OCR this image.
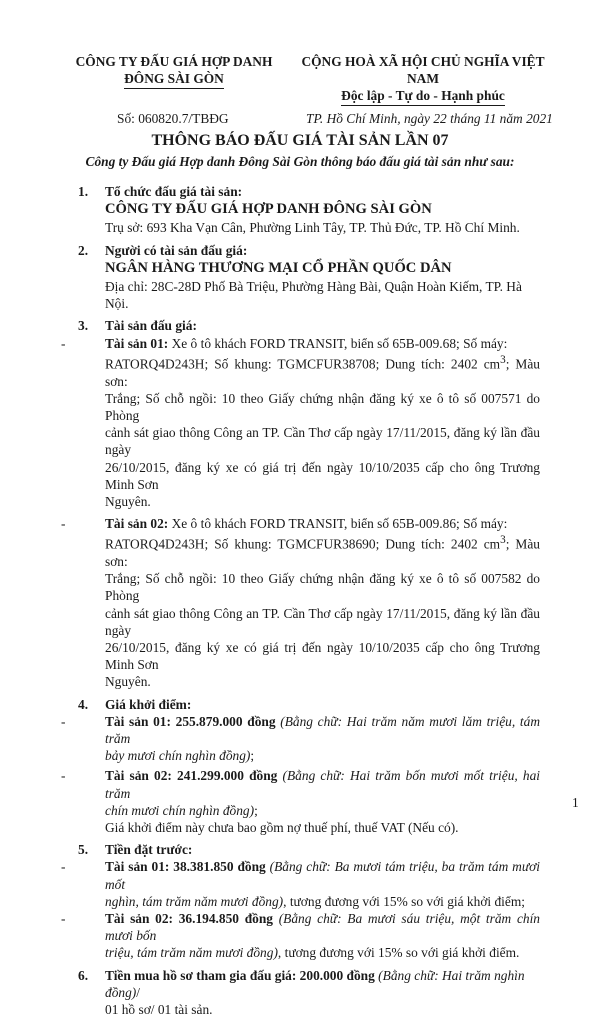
CÔNG TY ĐẤU GIÁ HỢP DANH
ĐÔNG SÀI GÒN
CỘNG HOÀ XÃ HỘI CHỦ NGHĨA VIỆT NAM
Độc lập - Tự do - Hạnh phúc
Số: 060820.7/TBĐG	TP. Hồ Chí Minh, ngày 22 tháng 11 năm 2021
THÔNG BÁO ĐẤU GIÁ TÀI SẢN LẦN 07
Công ty Đấu giá Hợp danh Đông Sài Gòn thông báo đấu giá tài sản như sau:
1. Tổ chức đấu giá tài sản:
CÔNG TY ĐẤU GIÁ HỢP DANH ĐÔNG SÀI GÒN
Trụ sở: 693 Kha Vạn Cân, Phường Linh Tây, TP. Thủ Đức, TP. Hồ Chí Minh.
2. Người có tài sản đấu giá:
NGÂN HÀNG THƯƠNG MẠI CỔ PHẦN QUỐC DÂN
Địa chỉ: 28C-28D Phố Bà Triệu, Phường Hàng Bài, Quận Hoàn Kiếm, TP. Hà Nội.
3. Tài sản đấu giá:
-	Tài sản 01: Xe ô tô khách FORD TRANSIT, biển số 65B-009.68; Số máy:
RATORQ4D243H; Số khung: TGMCFUR38708; Dung tích: 2402 $cm^3$; Màu sơn:
Trắng; Số chỗ ngồi: 10 theo Giấy chứng nhận đăng ký xe ô tô số 007571 do Phòng
cảnh sát giao thông Công an TP. Cần Thơ cấp ngày 17/11/2015, đăng ký lần đầu ngày
26/10/2015, đăng ký xe có giá trị đến ngày 10/10/2035 cấp cho ông Trương Minh Sơn
Nguyên.
-	Tài sản 02: Xe ô tô khách FORD TRANSIT, biển số 65B-009.86; Số máy:
RATORQ4D243H; Số khung: TGMCFUR38690; Dung tích: 2402 $cm^3$; Màu sơn:
Trắng; Số chỗ ngồi: 10 theo Giấy chứng nhận đăng ký xe ô tô số 007582 do Phòng
cảnh sát giao thông Công an TP. Cần Thơ cấp ngày 17/11/2015, đăng ký lần đầu ngày
26/10/2015, đăng ký xe có giá trị đến ngày 10/10/2035 cấp cho ông Trương Minh Sơn
Nguyên.
4. Giá khởi điểm:
-	Tài sản 01: 255.879.000 đồng (Bằng chữ: Hai trăm năm mươi lăm triệu, tám trăm
bảy mươi chín nghìn đồng);
-	Tài sản 02: 241.299.000 đồng (Bằng chữ: Hai trăm bốn mươi mốt triệu, hai trăm
chín mươi chín nghìn đồng);
Giá khởi điểm này chưa bao gồm nợ thuế phí, thuế VAT (Nếu có).
5. Tiền đặt trước:
-	Tài sản 01: 38.381.850 đồng (Bằng chữ: Ba mươi tám triệu, ba trăm tám mươi mốt
nghìn, tám trăm năm mươi đồng), tương đương với 15% so với giá khởi điểm;
-	Tài sản 02: 36.194.850 đồng (Bằng chữ: Ba mươi sáu triệu, một trăm chín mươi bốn
triệu, tám trăm năm mươi đồng), tương đương với 15% so với giá khởi điểm.
6. Tiền mua hồ sơ tham gia đấu giá: 200.000 đồng (Bằng chữ: Hai trăm nghìn đồng)/
01 hồ sơ/ 01 tài sản.
1
